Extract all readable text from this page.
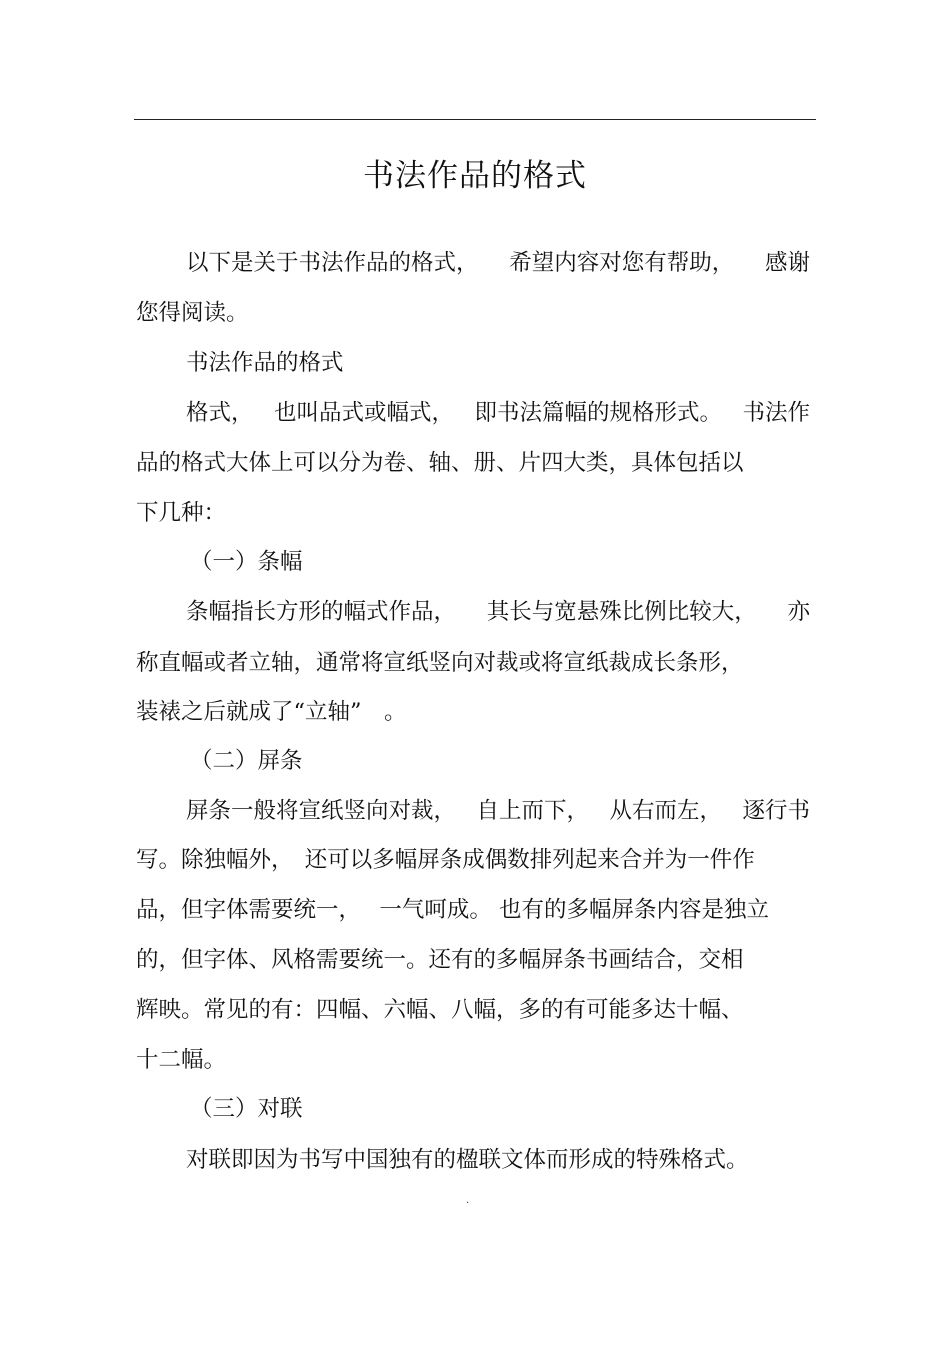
书法作品的格式
以下是关于书法作品的格式， 希望内容对您有帮助， 感谢
您得阅读。
书法作品的格式
格式， 也叫品式或幅式， 即书法篇幅的规格形式。 书法作
品的格式大体上可以分为卷、轴、册、片四大类，具体包括以
下几种：
（一）条幅
条幅指长方形的幅式作品， 其长与宽悬殊比例比较大， 亦
称直幅或者立轴，通常将宣纸竖向对裁或将宣纸裁成长条形，
装裱之后就成了“立轴”　。
（二）屏条
屏条一般将宣纸竖向对裁， 自上而下， 从右而左， 逐行书
写。除独幅外，　还可以多幅屏条成偶数排列起来合并为一件作
品，但字体需要统一，　 一气呵成。 也有的多幅屏条内容是独立
的，但字体、风格需要统一。还有的多幅屏条书画结合，交相
辉映。常见的有：四幅、六幅、八幅，多的有可能多达十幅、
十二幅。
（三）对联
对联即因为书写中国独有的楹联文体而形成的特殊格式。
.
